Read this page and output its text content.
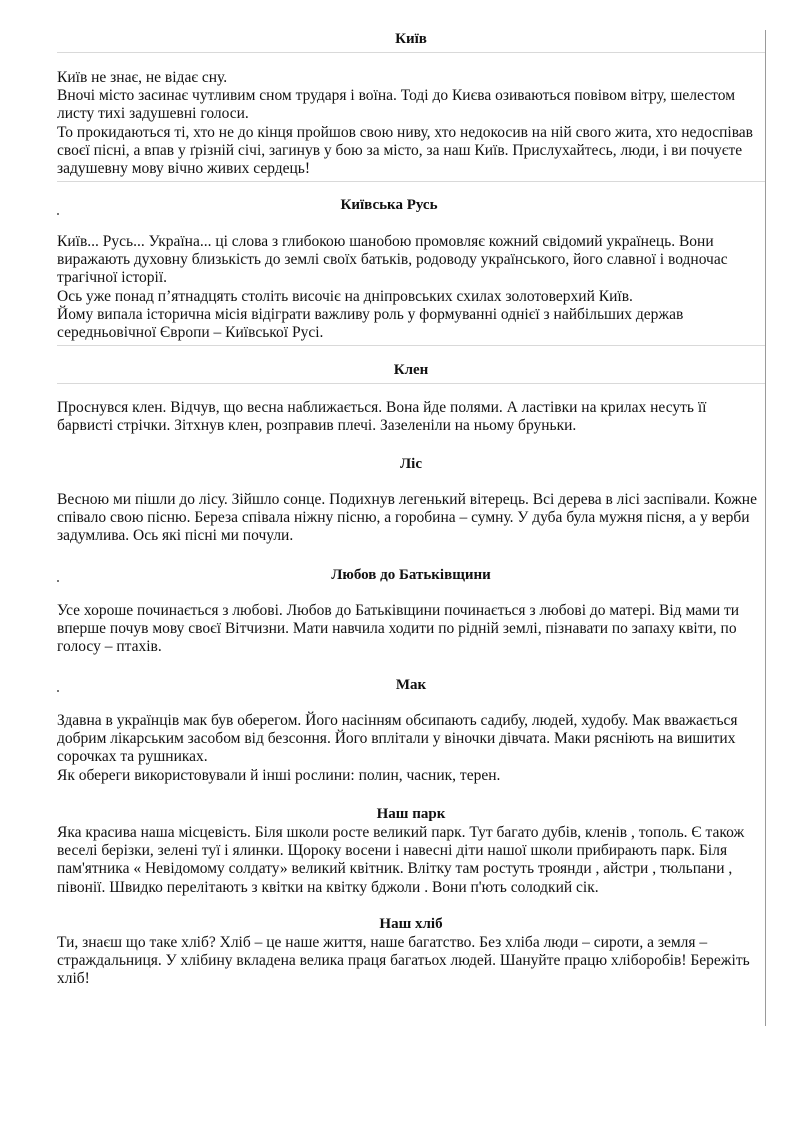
Київ

Київ не знає, не відає сну.
Вночі місто засинає чутливим сном трударя і воїна. Тоді до Києва озиваються повівом вітру, шелестом листу тихі задушевні голоси.
То прокидаються ті, хто не до кінця пройшов свою ниву, хто недокосив на ній свого жита, хто недоспівав своєї пісні, а впав у ґрізній січі, загинув у бою за місто, за наш Київ. Прислухайтесь, люди, і ви почуєте задушевну мову вічно живих сердець!

Київська Русь

Київ... Русь... Україна... ці слова з глибокою шанобою промовляє кожний свідомий українець. Вони виражають духовну близькість до землі своїх батьків, родоводу українського, його славної і водночас трагічної історії.
Ось уже понад п’ятнадцять століть височіє на дніпровських схилах золотоверхий Київ.
Йому випала історична місія відіграти важливу роль у формуванні однієї з найбільших держав середньовічної Європи – Київської Русі.

Клен

Проснувся клен. Відчув, що весна наближається. Вона йде полями. А ластівки на крилах несуть її барвисті стрічки. Зітхнув клен, розправив плечі. Зазеленіли на ньому бруньки.

Ліс

Весною ми пішли до лісу. Зійшло сонце. Подихнув легенький вітерець. Всі дерева в лісі заспівали. Кожне співало свою пісню. Береза співала ніжну пісню, а горобина – сумну. У дуба була мужня пісня, а у верби задумлива. Ось які пісні ми почули.

Любов до Батьківщини

Усе хороше починається з любові. Любов до Батьківщини починається з любові до матері. Від мами ти вперше почув мову своєї Вітчизни. Мати навчила ходити по рідній землі, пізнавати по запаху квіти, по голосу – птахів.

Мак

Здавна в українців мак був оберегом. Його насінням обсипають садибу, людей, худобу. Мак вважається добрим лікарським засобом від безсоння. Його вплітали у віночки дівчата. Маки рясніють на вишитих сорочках та рушниках.
Як обереги використовували й інші рослини: полин, часник, терен.

Наш парк

Яка красива наша місцевість. Біля школи росте великий парк. Тут багато дубів, кленів , тополь. Є також веселі берізки, зелені туї і ялинки. Щороку восени і навесні діти нашої школи прибирають парк. Біля пам'ятника « Невідомому солдату» великий квітник. Влітку там ростуть троянди , айстри , тюльпани , півонії. Швидко перелітають з квітки на квітку бджоли . Вони п'ють солодкий сік.

Наш хліб

Ти, знаєш що таке хліб? Хліб – це наше життя, наше багатство. Без хліба люди – сироти, а земля – страждальниця. У хлібину вкладена велика праця багатьох людей. Шануйте працю хліборобів! Бережіть хліб!
